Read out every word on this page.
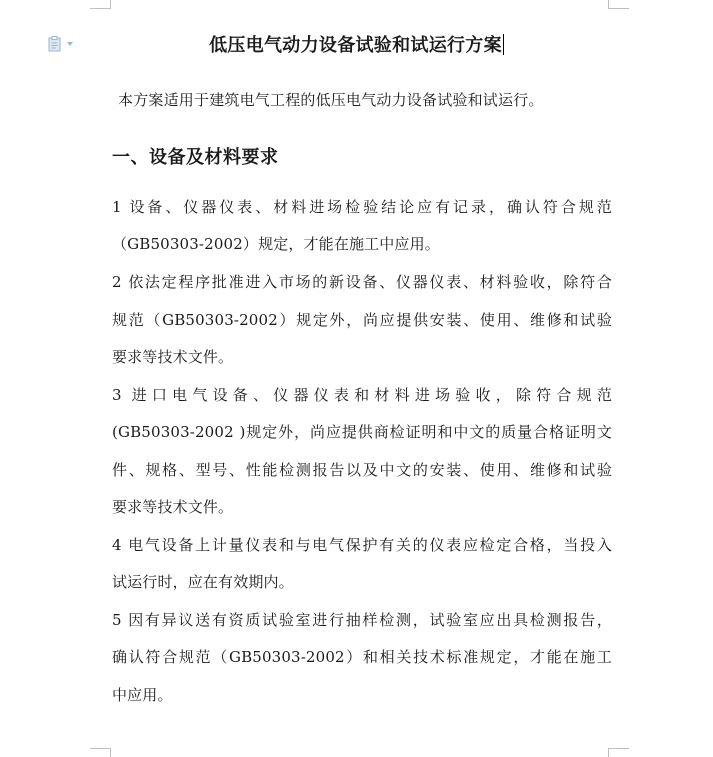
低压电气动力设备试验和试运行方案
本方案适用于建筑电气工程的低压电气动力设备试验和试运行。
一、设备及材料要求
1 设备、仪器仪表、材料进场检验结论应有记录，确认符合规范
（GB50303-2002）规定，才能在施工中应用。
2 依法定程序批准进入市场的新设备、仪器仪表、材料验收，除符合
规范（GB50303-2002）规定外，尚应提供安装、使用、维修和试验
要求等技术文件。
3 进口电气设备、仪器仪表和材料进场验收，除符合规范
(GB50303-2002 )规定外，尚应提供商检证明和中文的质量合格证明文
件、规格、型号、性能检测报告以及中文的安装、使用、维修和试验
要求等技术文件。
4 电气设备上计量仪表和与电气保护有关的仪表应检定合格，当投入
试运行时，应在有效期内。
5 因有异议送有资质试验室进行抽样检测，试验室应出具检测报告，
确认符合规范（GB50303-2002）和相关技术标准规定，才能在施工
中应用。
